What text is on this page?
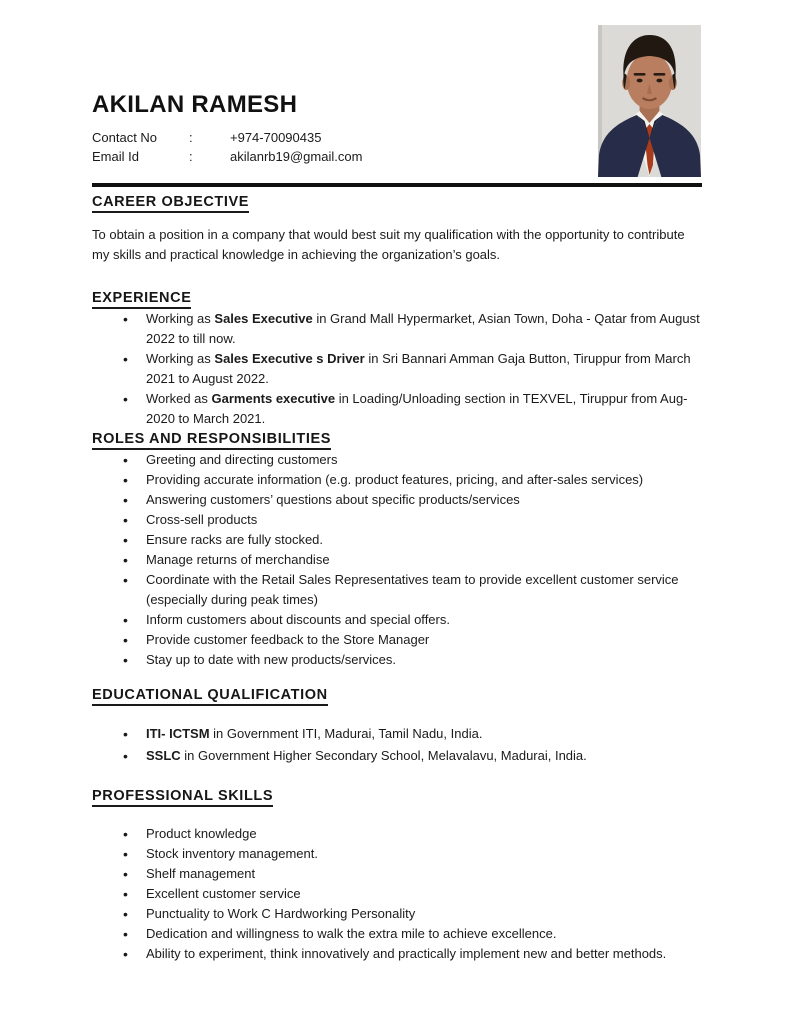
AKILAN RAMESH
Contact No	:	+974-70090435
Email Id	:	akilanrb19@gmail.com
CAREER OBJECTIVE

To obtain a position in a company that would best suit my qualification with the opportunity to contribute my skills and practical knowledge in achieving the organization’s goals.

EXPERIENCE
• Working as Sales Executive in Grand Mall Hypermarket, Asian Town, Doha - Qatar from August 2022 to till now.
• Working as Sales Executive s Driver in Sri Bannari Amman Gaja Button, Tiruppur from March 2021 to August 2022.
• Worked as Garments executive in Loading/Unloading section in TEXVEL, Tiruppur from Aug-2020 to March 2021.
ROLES AND RESPONSIBILITIES
• Greeting and directing customers
• Providing accurate information (e.g. product features, pricing, and after-sales services)
• Answering customers’ questions about specific products/services
• Cross-sell products
• Ensure racks are fully stocked.
• Manage returns of merchandise
• Coordinate with the Retail Sales Representatives team to provide excellent customer service (especially during peak times)
• Inform customers about discounts and special offers.
• Provide customer feedback to the Store Manager
• Stay up to date with new products/services.
EDUCATIONAL QUALIFICATION
• ITI- ICTSM in Government ITI, Madurai, Tamil Nadu, India.
• SSLC in Government Higher Secondary School, Melavalavu, Madurai, India.
PROFESSIONAL SKILLS
• Product knowledge
• Stock inventory management.
• Shelf management
• Excellent customer service
• Punctuality to Work C Hardworking Personality
• Dedication and willingness to walk the extra mile to achieve excellence.
• Ability to experiment, think innovatively and practically implement new and better methods.
